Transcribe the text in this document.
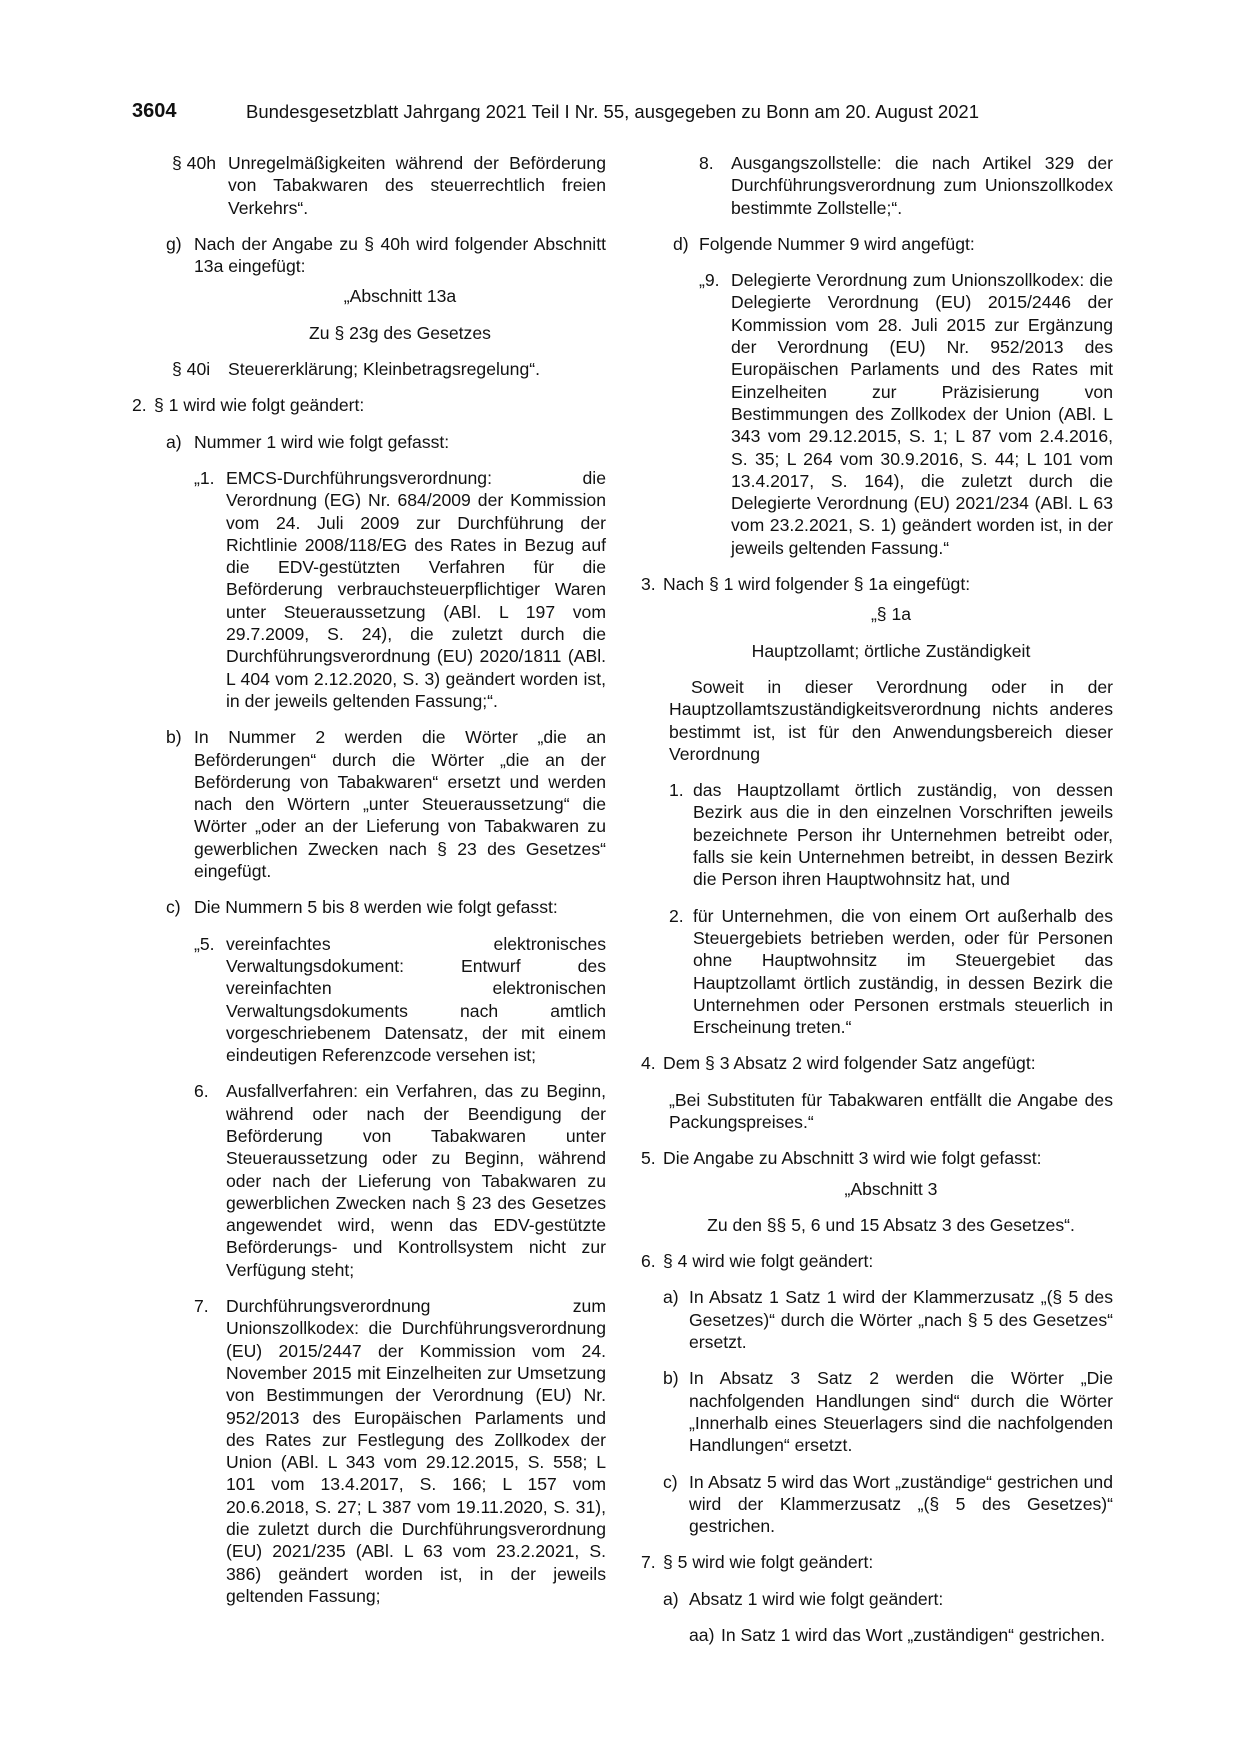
3604	Bundesgesetzblatt Jahrgang 2021 Teil I Nr. 55, ausgegeben zu Bonn am 20. August 2021
§ 40h Unregelmäßigkeiten während der Beförderung von Tabakwaren des steuerrechtlich freien Verkehrs“.
g) Nach der Angabe zu § 40h wird folgender Abschnitt 13a eingefügt:
„Abschnitt 13a
Zu § 23g des Gesetzes
§ 40i	Steuererklärung; Kleinbetragsregelung“.
2. § 1 wird wie folgt geändert:
a) Nummer 1 wird wie folgt gefasst:
„1. EMCS-Durchführungsverordnung: die Verordnung (EG) Nr. 684/2009 der Kommission vom 24. Juli 2009 zur Durchführung der Richtlinie 2008/118/EG des Rates in Bezug auf die EDV-gestützten Verfahren für die Beförderung verbrauchsteuerpflichtiger Waren unter Steueraussetzung (ABl. L 197 vom 29.7.2009, S. 24), die zuletzt durch die Durchführungsverordnung (EU) 2020/1811 (ABl. L 404 vom 2.12.2020, S. 3) geändert worden ist, in der jeweils geltenden Fassung;“.
b) In Nummer 2 werden die Wörter „die an Beförderungen“ durch die Wörter „die an der Beförderung von Tabakwaren“ ersetzt und werden nach den Wörtern „unter Steueraussetzung“ die Wörter „oder an der Lieferung von Tabakwaren zu gewerblichen Zwecken nach § 23 des Gesetzes“ eingefügt.
c) Die Nummern 5 bis 8 werden wie folgt gefasst:
„5. vereinfachtes elektronisches Verwaltungsdokument: Entwurf des vereinfachten elektronischen Verwaltungsdokuments nach amtlich vorgeschriebenem Datensatz, der mit einem eindeutigen Referenzcode versehen ist;
6. Ausfallverfahren: ein Verfahren, das zu Beginn, während oder nach der Beendigung der Beförderung von Tabakwaren unter Steueraussetzung oder zu Beginn, während oder nach der Lieferung von Tabakwaren zu gewerblichen Zwecken nach § 23 des Gesetzes angewendet wird, wenn das EDV-gestützte Beförderungs- und Kontrollsystem nicht zur Verfügung steht;
7. Durchführungsverordnung zum Unionszollkodex: die Durchführungsverordnung (EU) 2015/2447 der Kommission vom 24. November 2015 mit Einzelheiten zur Umsetzung von Bestimmungen der Verordnung (EU) Nr. 952/2013 des Europäischen Parlaments und des Rates zur Festlegung des Zollkodex der Union (ABl. L 343 vom 29.12.2015, S. 558; L 101 vom 13.4.2017, S. 166; L 157 vom 20.6.2018, S. 27; L 387 vom 19.11.2020, S. 31), die zuletzt durch die Durchführungsverordnung (EU) 2021/235 (ABl. L 63 vom 23.2.2021, S. 386) geändert worden ist, in der jeweils geltenden Fassung;
8. Ausgangszollstelle: die nach Artikel 329 der Durchführungsverordnung zum Unionszollkodex bestimmte Zollstelle;“.
d) Folgende Nummer 9 wird angefügt:
„9. Delegierte Verordnung zum Unionszollkodex: die Delegierte Verordnung (EU) 2015/2446 der Kommission vom 28. Juli 2015 zur Ergänzung der Verordnung (EU) Nr. 952/2013 des Europäischen Parlaments und des Rates mit Einzelheiten zur Präzisierung von Bestimmungen des Zollkodex der Union (ABl. L 343 vom 29.12.2015, S. 1; L 87 vom 2.4.2016, S. 35; L 264 vom 30.9.2016, S. 44; L 101 vom 13.4.2017, S. 164), die zuletzt durch die Delegierte Verordnung (EU) 2021/234 (ABl. L 63 vom 23.2.2021, S. 1) geändert worden ist, in der jeweils geltenden Fassung.“
3. Nach § 1 wird folgender § 1a eingefügt:
„§ 1a
Hauptzollamt; örtliche Zuständigkeit
Soweit in dieser Verordnung oder in der Hauptzollamtszuständigkeitsverordnung nichts anderes bestimmt ist, ist für den Anwendungsbereich dieser Verordnung
1. das Hauptzollamt örtlich zuständig, von dessen Bezirk aus die in den einzelnen Vorschriften jeweils bezeichnete Person ihr Unternehmen betreibt oder, falls sie kein Unternehmen betreibt, in dessen Bezirk die Person ihren Hauptwohnsitz hat, und
2. für Unternehmen, die von einem Ort außerhalb des Steuergebiets betrieben werden, oder für Personen ohne Hauptwohnsitz im Steuergebiet das Hauptzollamt örtlich zuständig, in dessen Bezirk die Unternehmen oder Personen erstmals steuerlich in Erscheinung treten.“
4. Dem § 3 Absatz 2 wird folgender Satz angefügt:
„Bei Substituten für Tabakwaren entfällt die Angabe des Packungspreises.“
5. Die Angabe zu Abschnitt 3 wird wie folgt gefasst:
„Abschnitt 3
Zu den §§ 5, 6 und 15 Absatz 3 des Gesetzes“.
6. § 4 wird wie folgt geändert:
a) In Absatz 1 Satz 1 wird der Klammerzusatz „(§ 5 des Gesetzes)“ durch die Wörter „nach § 5 des Gesetzes“ ersetzt.
b) In Absatz 3 Satz 2 werden die Wörter „Die nachfolgenden Handlungen sind“ durch die Wörter „Innerhalb eines Steuerlagers sind die nachfolgenden Handlungen“ ersetzt.
c) In Absatz 5 wird das Wort „zuständige“ gestrichen und wird der Klammerzusatz „(§ 5 des Gesetzes)“ gestrichen.
7. § 5 wird wie folgt geändert:
a) Absatz 1 wird wie folgt geändert:
aa) In Satz 1 wird das Wort „zuständigen“ gestrichen.
